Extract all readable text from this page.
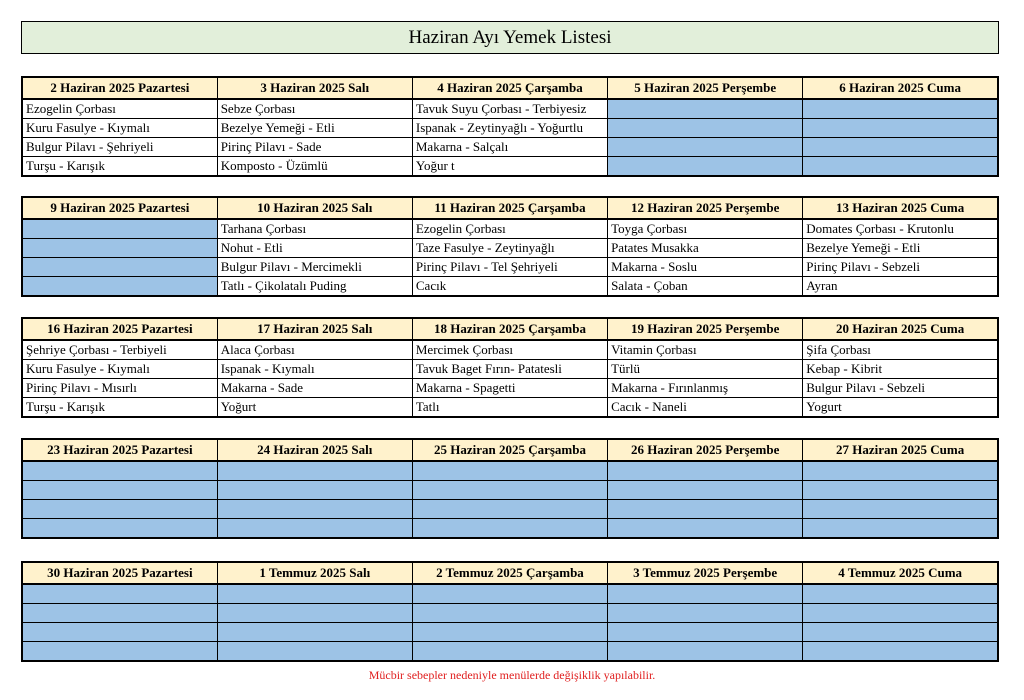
Haziran Ayı Yemek Listesi
2 Haziran 2025 Pazartesi	3 Haziran 2025 Salı	4 Haziran 2025 Çarşamba	5 Haziran 2025 Perşembe	6 Haziran 2025 Cuma
Ezogelin Çorbası	Sebze Çorbası	Tavuk Suyu Çorbası - Terbiyesiz		
Kuru Fasulye - Kıymalı	Bezelye Yemeği - Etli	Ispanak - Zeytinyağlı - Yoğurtlu		
Bulgur Pilavı - Şehriyeli	Pirinç Pilavı - Sade	Makarna - Salçalı		
Turşu - Karışık	Komposto - Üzümlü	Yoğur t		
9 Haziran 2025 Pazartesi	10 Haziran 2025 Salı	11 Haziran 2025 Çarşamba	12 Haziran 2025 Perşembe	13 Haziran 2025 Cuma
	Tarhana Çorbası	Ezogelin Çorbası	Toyga Çorbası	Domates Çorbası - Krutonlu
	Nohut - Etli	Taze Fasulye - Zeytinyağlı	Patates Musakka	Bezelye Yemeği - Etli
	Bulgur Pilavı - Mercimekli	Pirinç Pilavı - Tel Şehriyeli	Makarna - Soslu	Pirinç Pilavı - Sebzeli
	Tatlı - Çikolatalı Puding	Cacık	Salata - Çoban	Ayran
16 Haziran 2025 Pazartesi	17 Haziran 2025 Salı	18 Haziran 2025 Çarşamba	19 Haziran 2025 Perşembe	20 Haziran 2025 Cuma
Şehriye Çorbası - Terbiyeli	Alaca Çorbası	Mercimek Çorbası	Vitamin Çorbası	Şifa Çorbası
Kuru Fasulye - Kıymalı	Ispanak - Kıymalı	Tavuk Baget Fırın- Patatesli	Türlü	Kebap - Kibrit
Pirinç Pilavı - Mısırlı	Makarna - Sade	Makarna - Spagetti	Makarna - Fırınlanmış	Bulgur Pilavı - Sebzeli
Turşu - Karışık	Yoğurt	Tatlı	Cacık - Naneli	Yogurt
23 Haziran 2025 Pazartesi	24 Haziran 2025 Salı	25 Haziran 2025 Çarşamba	26 Haziran 2025 Perşembe	27 Haziran 2025 Cuma

30 Haziran 2025 Pazartesi	1 Temmuz 2025 Salı	2 Temmuz 2025 Çarşamba	3 Temmuz 2025 Perşembe	4 Temmuz 2025 Cuma

Mücbir sebepler nedeniyle menülerde değişiklik yapılabilir.
